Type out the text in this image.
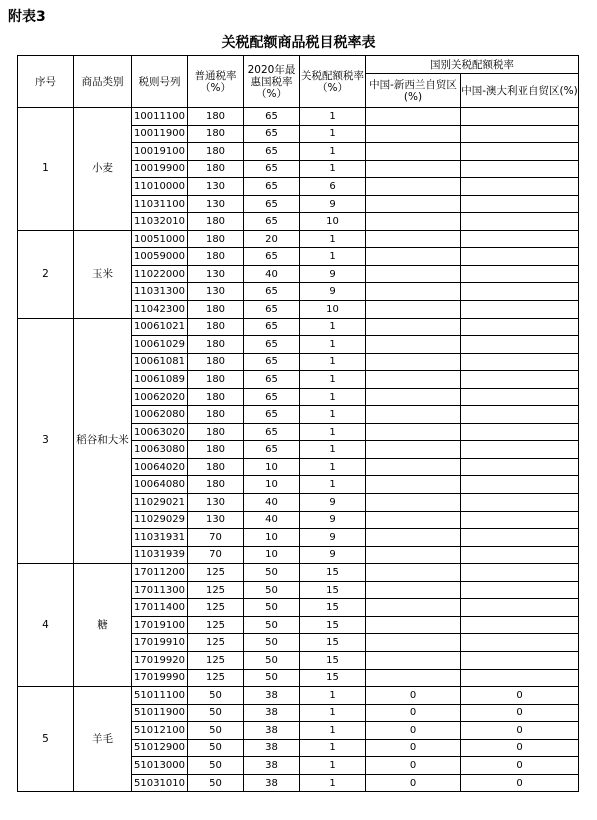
附表3
关税配额商品税目税率表
序号	商品类别	税则号列	普通税率（%）	2020年最惠国税率（%）	关税配额税率（%）	国别关税配额税率	
						中国-新西兰自贸区(%)	中国-澳大利亚自贸区(%)
1	小麦	10011100	180	65	1		
		10011900	180	65	1		
		10019100	180	65	1		
		10019900	180	65	1		
		11010000	130	65	6		
		11031100	130	65	9		
		11032010	180	65	10		
2	玉米	10051000	180	20	1		
		10059000	180	65	1		
		11022000	130	40	9		
		11031300	130	65	9		
		11042300	180	65	10		
3	稻谷和大米	10061021	180	65	1		
		10061029	180	65	1		
		10061081	180	65	1		
		10061089	180	65	1		
		10062020	180	65	1		
		10062080	180	65	1		
		10063020	180	65	1		
		10063080	180	65	1		
		10064020	180	10	1		
		10064080	180	10	1		
		11029021	130	40	9		
		11029029	130	40	9		
		11031931	70	10	9		
		11031939	70	10	9		
4	糖	17011200	125	50	15		
		17011300	125	50	15		
		17011400	125	50	15		
		17019100	125	50	15		
		17019910	125	50	15		
		17019920	125	50	15		
		17019990	125	50	15		
5	羊毛	51011100	50	38	1	0	0
		51011900	50	38	1	0	0
		51012100	50	38	1	0	0
		51012900	50	38	1	0	0
		51013000	50	38	1	0	0
		51031010	50	38	1	0	0
